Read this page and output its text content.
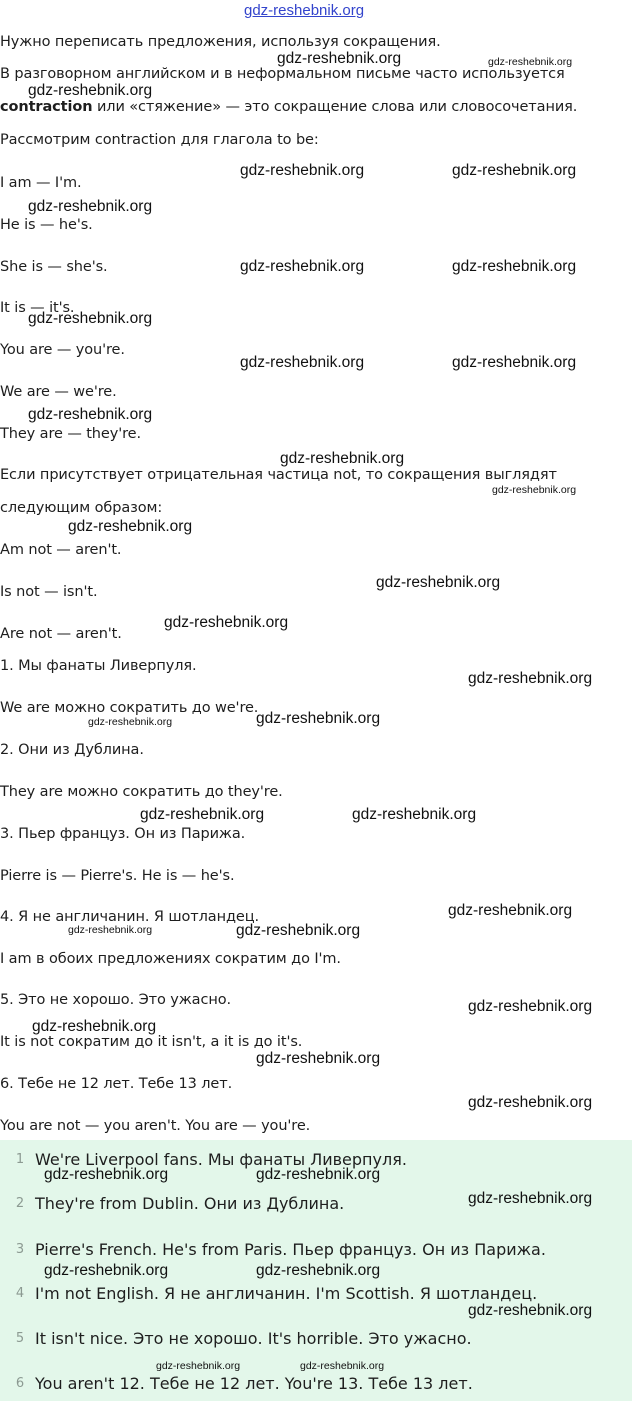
gdz-reshebnik.org
Нужно переписать предложения, используя сокращения.
В разговорном английском и в неформальном письме часто используется
contraction или «стяжение» — это сокращение слова или словосочетания.
Рассмотрим contraction для глагола to be:
I am — I'm.
He is — he's.
She is — she's.
It is — it's.
You are — you're.
We are — we're.
They are — they're.
Если присутствует отрицательная частица not, то сокращения выглядят
следующим образом:
Am not — aren't.
Is not — isn't.
Are not — aren't.
1. Мы фанаты Ливерпуля.
We are можно сократить до we're.
2. Они из Дублина.
They are можно сократить до they're.
3. Пьер француз. Он из Парижа.
Pierre is — Pierre's. He is — he's.
4. Я не англичанин. Я шотландец.
I am в обоих предложениях сократим до I'm.
5. Это не хорошо. Это ужасно.
It is not сократим до it isn't, а it is до it's.
6. Тебе не 12 лет. Тебе 13 лет.
You are not — you aren't. You are — you're.
1 We're Liverpool fans. Мы фанаты Ливерпуля.
2 They're from Dublin. Они из Дублина.
3 Pierre's French. He's from Paris. Пьер француз. Он из Парижа.
4 I'm not English. Я не англичанин. I'm Scottish. Я шотландец.
5 It isn't nice. Это не хорошо. It's horrible. Это ужасно.
6 You aren't 12. Тебе не 12 лет. You're 13. Тебе 13 лет.
gdz-reshebnik.org	gdz-reshebnik.org
gdz-reshebnik.org
gdz-reshebnik.org	gdz-reshebnik.org
gdz-reshebnik.org
gdz-reshebnik.org	gdz-reshebnik.org
gdz-reshebnik.org
gdz-reshebnik.org	gdz-reshebnik.org
gdz-reshebnik.org
gdz-reshebnik.org
gdz-reshebnik.org
gdz-reshebnik.org
gdz-reshebnik.org
gdz-reshebnik.org
gdz-reshebnik.org
gdz-reshebnik.org	gdz-reshebnik.org
gdz-reshebnik.org	gdz-reshebnik.org
gdz-reshebnik.org
gdz-reshebnik.org	gdz-reshebnik.org
gdz-reshebnik.org
gdz-reshebnik.org
gdz-reshebnik.org
gdz-reshebnik.org
gdz-reshebnik.org	gdz-reshebnik.org
gdz-reshebnik.org
gdz-reshebnik.org	gdz-reshebnik.org
gdz-reshebnik.org
gdz-reshebnik.org	gdz-reshebnik.org
